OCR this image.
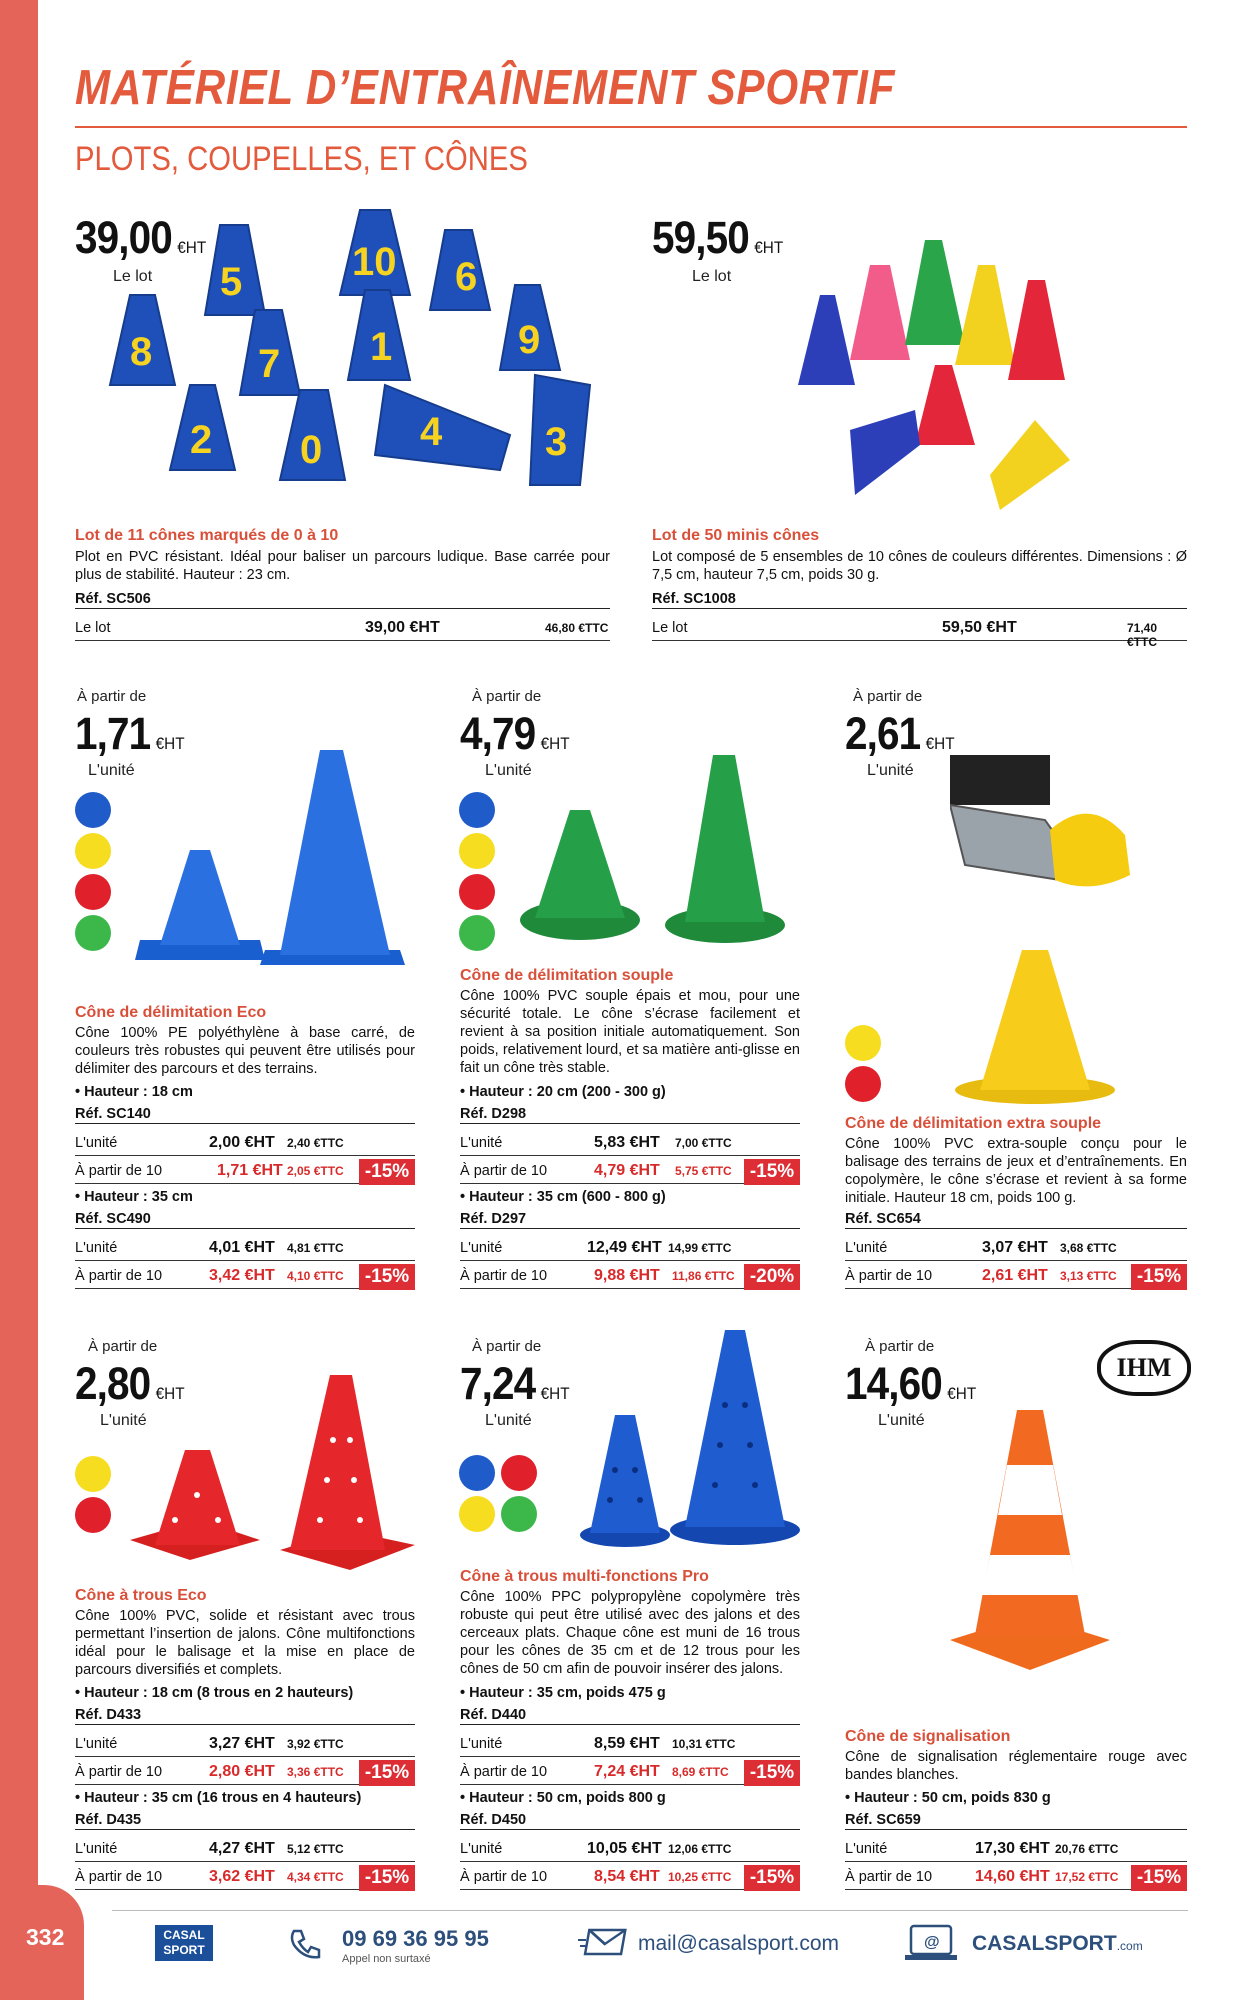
332
MATÉRIEL D’ENTRAÎNEMENT SPORTIF
PLOTS, COUPELLES, ET CÔNES
39,00 €HT
Le lot 5	10 6
8	7 1	9
2 0 4	3
Lot de 11 cônes marqués de 0 à 10
Plot en PVC résistant. Idéal pour baliser un parcours ludique. Base carrée pour plus de stabilité. Hauteur : 23 cm.
Réf. SC506
Le lot	39,00 €HT	46,80 €TTC
59,50 €HT
Le lot
Lot de 50 minis cônes
Lot composé de 5 ensembles de 10 cônes de couleurs différentes. Dimensions : Ø 7,5 cm, hauteur 7,5 cm, poids 30 g.
Réf. SC1008
Le lot	59,50 €HT	71,40 €TTC
À partir de
1,71 €HT
L'unité
Cône de délimitation Eco
Cône 100% PE polyéthylène à base carré, de couleurs très robustes qui peuvent être utilisés pour délimiter des parcours et des terrains.
• Hauteur : 18 cm
Réf. SC140
L'unité	2,00 €HT 2,40 €TTC
À partir de 10	1,71 €HT 2,05 €TTC	-15%
• Hauteur : 35 cm
Réf. SC490
L'unité	4,01 €HT 4,81 €TTC
À partir de 10	3,42 €HT 4,10 €TTC	-15%
À partir de
4,79 €HT
L'unité
Cône de délimitation souple
Cône 100% PVC souple épais et mou, pour une sécurité totale. Le cône s’écrase facilement et revient à sa position initiale automatiquement. Son poids, relativement lourd, et sa matière anti-glisse en fait un cône très stable.
• Hauteur : 20 cm (200 - 300 g)
Réf. D298
L'unité	5,83 €HT 7,00 €TTC
À partir de 10	4,79 €HT 5,75 €TTC -15%
• Hauteur : 35 cm (600 - 800 g)
Réf. D297
L'unité	12,49 €HT 14,99 €TTC
À partir de 10	9,88 €HT 11,86 €TTC -20%
À partir de
2,61 €HT
L'unité
Cône de délimitation extra souple
Cône 100% PVC extra-souple conçu pour le balisage des terrains de jeux et d’entraînements. En copolymère, le cône s’écrase et revient à sa forme initiale. Hauteur 18 cm, poids 100 g.
Réf. SC654
L'unité	3,07 €HT 3,68 €TTC
À partir de 10	2,61 €HT 3,13 €TTC	-15%
À partir de
2,80 €HT
L'unité
Cône à trous Eco
Cône 100% PVC, solide et résistant avec trous permettant l’insertion de jalons. Cône multifonctions idéal pour le balisage et la mise en place de parcours diversifiés et complets.
• Hauteur : 18 cm (8 trous en 2 hauteurs)
Réf. D433
L'unité	3,27 €HT 3,92 €TTC
À partir de 10	2,80 €HT 3,36 €TTC	-15%
• Hauteur : 35 cm (16 trous en 4 hauteurs)
Réf. D435
L'unité	4,27 €HT 5,12 €TTC
À partir de 10	3,62 €HT 4,34 €TTC	-15%
À partir de
7,24 €HT
L'unité
Cône à trous multi-fonctions Pro
Cône 100% PPC polypropylène copolymère très robuste qui peut être utilisé avec des jalons et des cerceaux plats. Chaque cône est muni de 16 trous pour les cônes de 35 cm et de 12 trous pour les cônes de 50 cm afin de pouvoir insérer des jalons.
• Hauteur : 35 cm, poids 475 g
Réf. D440
L'unité	8,59 €HT 10,31 €TTC
À partir de 10	7,24 €HT 8,69 €TTC	-15%
• Hauteur : 50 cm, poids 800 g
Réf. D450
L'unité	10,05 €HT 12,06 €TTC
À partir de 10	8,54 €HT 10,25 €TTC -15%
À partir de
14,60 €HT
L'unité
IHM
Cône de signalisation
Cône de signalisation réglementaire rouge avec bandes blanches.
• Hauteur : 50 cm, poids 830 g
Réf. SC659
L'unité	17,30 €HT 20,76 €TTC
À partir de 10	14,60 €HT 17,52 €TTC -15%
CASAL
SPORT	09 69 36 95 95
Appel non surtaxé
mail@casalsport.com	@ CASALSPORT.com
